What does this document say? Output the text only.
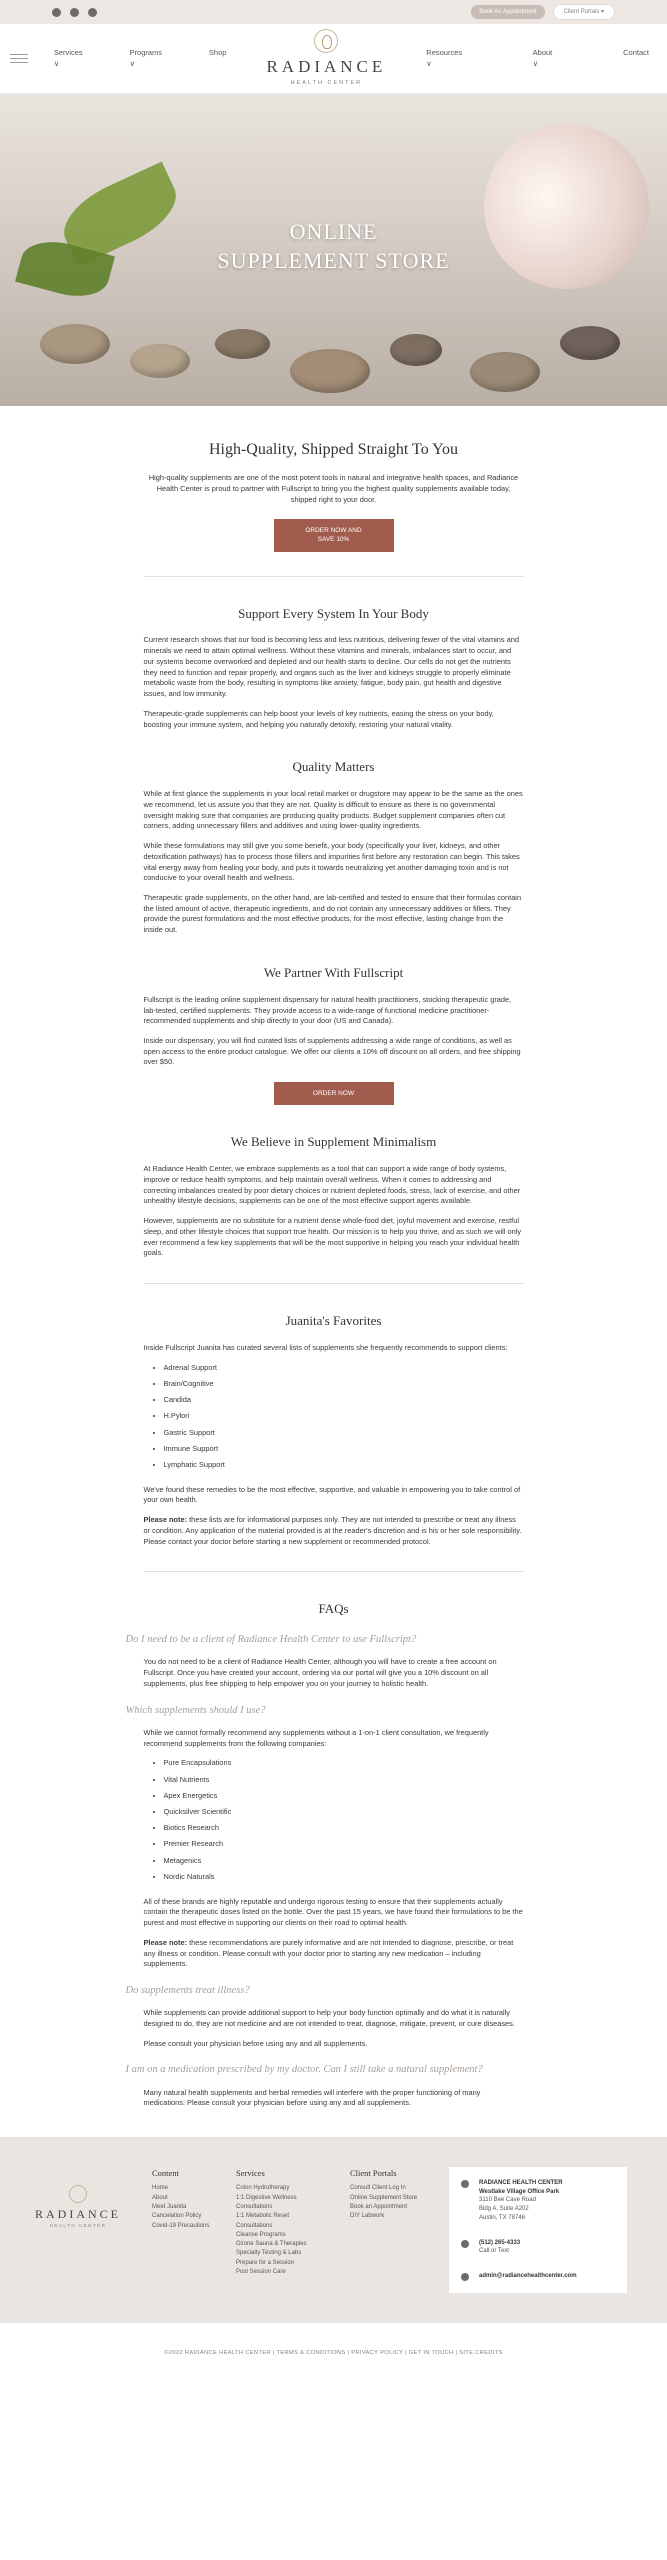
Book An Appointment	Client Portals ▾
Services ∨
Programs ∨
Shop
RADIANCE
HEALTH CENTER
Resources ∨
About ∨
Contact
ONLINE
SUPPLEMENT STORE
High-Quality, Shipped Straight To You

High-quality supplements are one of the most potent tools in natural and integrative health spaces, and Radiance Health Center is proud to partner with Fullscript to bring you the highest quality supplements available today, shipped right to your door.

ORDER NOW AND
SAVE 10%
Support Every System In Your Body

Current research shows that our food is becoming less and less nutritious, delivering fewer of the vital vitamins and minerals we need to attain optimal wellness. Without these vitamins and minerals, imbalances start to occur, and our systems become overworked and depleted and our health starts to decline. Our cells do not get the nutrients they need to function and repair properly, and organs such as the liver and kidneys struggle to properly eliminate metabolic waste from the body, resulting in symptoms like anxiety, fatigue, body pain, gut health and digestive issues, and low immunity.

Therapeutic-grade supplements can help boost your levels of key nutrients, easing the stress on your body, boosting your immune system, and helping you naturally detoxify, restoring your natural vitality.

Quality Matters

While at first glance the supplements in your local retail market or drugstore may appear to be the same as the ones we recommend, let us assure you that they are not. Quality is difficult to ensure as there is no governmental oversight making sure that companies are producing quality products. Budget supplement companies often cut corners, adding unnecessary fillers and additives and using lower-quality ingredients.

While these formulations may still give you some benefit, your body (specifically your liver, kidneys, and other detoxification pathways) has to process those fillers and impurities first before any restoration can begin. This takes vital energy away from healing your body, and puts it towards neutralizing yet another damaging toxin and is not conducive to your overall health and wellness.

Therapeutic grade supplements, on the other hand, are lab-certified and tested to ensure that their formulas contain the listed amount of active, therapeutic ingredients, and do not contain any unnecessary additives or fillers. They provide the purest formulations and the most effective products, for the most effective, lasting change from the inside out.

We Partner With Fullscript

Fullscript is the leading online supplement dispensary for natural health practitioners, stocking therapeutic grade, lab-tested, certified supplements. They provide access to a wide-range of functional medicine practitioner-recommended supplements and ship directly to your door (US and Canada).

Inside our dispensary, you will find curated lists of supplements addressing a wide range of conditions, as well as open access to the entire product catalogue. We offer our clients a 10% off discount on all orders, and free shipping over $50.

ORDER NOW
We Believe in Supplement Minimalism

At Radiance Health Center, we embrace supplements as a tool that can support a wide range of body systems, improve or reduce health symptoms, and help maintain overall wellness. When it comes to addressing and correcting imbalances created by poor dietary choices or nutrient depleted foods, stress, lack of exercise, and other unhealthy lifestyle decisions, supplements can be one of the most effective support agents available.

However, supplements are no substitute for a nutrient dense whole-food diet, joyful movement and exercise, restful sleep, and other lifestyle choices that support true health. Our mission is to help you thrive, and as such we will only ever recommend a few key supplements that will be the most supportive in helping you reach your individual health goals.

Juanita's Favorites

Inside Fullscript Juanita has curated several lists of supplements she frequently recommends to support clients:

• Adrenal Support
• Brain/Cognitive
• Candida
• H.Pylori
• Gastric Support
• Immune Support
• Lymphatic Support

We've found these remedies to be the most effective, supportive, and valuable in empowering you to take control of your own health.

Please note: these lists are for informational purposes only. They are not intended to prescribe or treat any illness or condition. Any application of the material provided is at the reader's discretion and is his or her sole responsibility. Please contact your doctor before starting a new supplement or recommended protocol.

FAQs
Do I need to be a client of Radiance Health Center to use Fullscript?

You do not need to be a client of Radiance Health Center, although you will have to create a free account on Fullscript. Once you have created your account, ordering via our portal will give you a 10% discount on all supplements, plus free shipping to help empower you on your journey to holistic health.

Which supplements should I use?

While we cannot formally recommend any supplements without a 1-on-1 client consultation, we frequently recommend supplements from the following companies:

• Pure Encapsulations
• Vital Nutrients
• Apex Energetics
• Quicksilver Scientific
• Biotics Research
• Premier Research
• Metagenics
• Nordic Naturals

All of these brands are highly reputable and undergo rigorous testing to ensure that their supplements actually contain the therapeutic doses listed on the bottle. Over the past 15 years, we have found their formulations to be the purest and most effective in supporting our clients on their road to optimal health.

Please note: these recommendations are purely informative and are not intended to diagnose, prescribe, or treat any illness or condition. Please consult with your doctor prior to starting any new medication – including supplements.

Do supplements treat illness?

While supplements can provide additional support to help your body function optimally and do what it is naturally designed to do, they are not medicine and are not intended to treat, diagnose, mitigate, prevent, or cure diseases.

Please consult your physician before using any and all supplements.

I am on a medication prescribed by my doctor. Can I still take a natural supplement?

Many natural health supplements and herbal remedies will interfere with the proper functioning of many medications. Please consult your physician before using any and all supplements.

RADIANCE
HEALTH CENTER
Content
Home
About
Meet Juanita
Cancelation Policy
Covid-19 Precautions
Services
Colon Hydrotherapy
1:1 Digestive Wellness Consultations
1:1 Metabolic Reset Consultations
Cleanse Programs
Ozone Sauna & Therapies
Specialty Testing & Labs
Prepare for a Session
Post Session Care
Client Portals
Consult Client Log In
Online Supplement Store
Book an Appointment
DIY Labwork
RADIANCE HEALTH CENTER
Westlake Village Office Park
3110 Bee Cave Road
Bldg A, Suite A202
Austin, TX 78746
(512) 265-4333
Call or Text
admin@radiancehealthcenter.com
©2022 RADIANCE HEALTH CENTER | TERMS & CONDITIONS | PRIVACY POLICY | GET IN TOUCH | SITE CREDITS
